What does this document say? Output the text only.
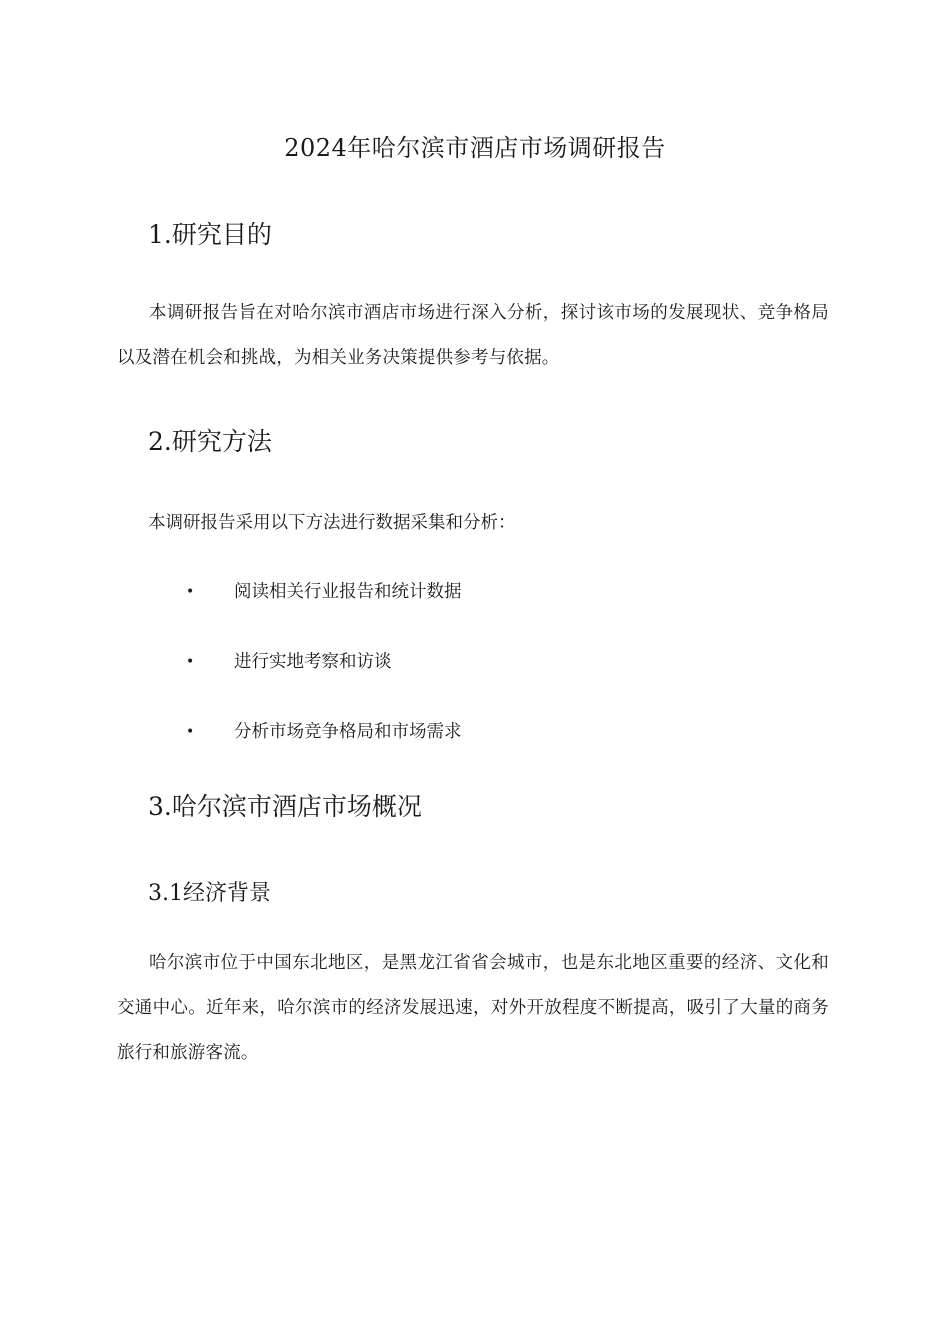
2024年哈尔滨市酒店市场调研报告
1.研究目的
本调研报告旨在对哈尔滨市酒店市场进行深入分析，探讨该市场的发展现状、竞争格局以及潜在机会和挑战，为相关业务决策提供参考与依据。
2.研究方法
本调研报告采用以下方法进行数据采集和分析：
• 阅读相关行业报告和统计数据
• 进行实地考察和访谈
• 分析市场竞争格局和市场需求
3.哈尔滨市酒店市场概况
3.1经济背景
哈尔滨市位于中国东北地区，是黑龙江省省会城市，也是东北地区重要的经济、文化和交通中心。近年来，哈尔滨市的经济发展迅速，对外开放程度不断提高，吸引了大量的商务旅行和旅游客流。
